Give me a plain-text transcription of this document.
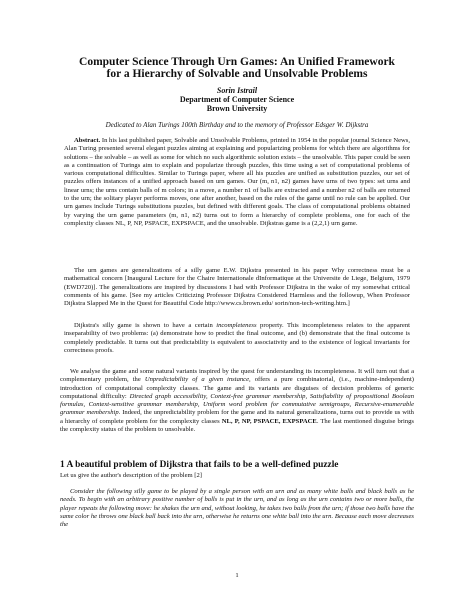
Computer Science Through Urn Games: An Unified Framework
for a Hierarchy of Solvable and Unsolvable Problems
Sorin Istrail
Department of Computer Science
Brown University
Dedicated to Alan Turings 100th Birthday and to the memory of Professor Edsger W. Dijkstra

Abstract. In his last published paper, Solvable and Unsolvable Problems, printed in 1954 in the popular journal Science News, Alan Turing presented several elegant puzzles aiming at explaining and popularizing problems for which there are algorithms for solutions – the solvable – as well as some for which no such algorithmic solution exists – the unsolvable. This paper could be seen as a continuation of Turings aim to explain and popularize through puzzles, this time using a set of computational problems of various computational difficulties. Similar to Turings paper, where all his puzzles are unified as substitution puzzles, our set of puzzles offers instances of a unified approach based on urn games. Our (m, n1, n2) games have urns of two types: set urns and linear urns; the urns contain balls of m colors; in a move, a number n1 of balls are extracted and a number n2 of balls are returned to the urn; the solitary player performs moves, one after another, based on the rules of the game until no rule can be applied. Our urn games include Turings substitutions puzzles, but defined with different goals. The class of computational problems obtained by varying the urn game parameters (m, n1, n2) turns out to form a hierarchy of complete problems, one for each of the complexity classes NL, P, NP, PSPACE, EXPSPACE, and the unsolvable. Dijkstras game is a (2,2,1) urn game.

The urn games are generalizations of a silly game E.W. Dijkstra presented in his paper Why correctness must be a mathematical concern [Inaugural Lecture for the Chaire Internationale dInformatique at the Universite de Liege, Belgium, 1979 (EWD720)]. The generalizations are inspired by discussions I had with Professor Dijkstra in the wake of my somewhat critical comments of his game. [See my articles Criticizing Professor Dijkstra Considered Harmless and the followup, When Professor Dijkstra Slapped Me in the Quest for Beautiful Code http://www.cs.brown.edu/ sorin/non-tech-writing.htm.]

Dijkstra's silly game is shown to have a certain incompleteness property. This incompleteness relates to the apparent inseparability of two problems: (a) demonstrate how to predict the final outcome, and (b) demonstrate that the final outcome is completely predictable. It turns out that predictability is equivalent to associativity and to the existence of logical invariants for correctness proofs.

We analyse the game and some natural variants inspired by the quest for understanding its incompleteness. It will turn out that a complementary problem, the Unpredictability of a given instance, offers a pure combinatorial, (i.e., machine-independent) introduction of computational complexity classes. The game and its variants are disguises of decision problems of generic computational difficulty: Directed graph accessibility, Context-free grammar membership, Satisfiability of propositional Boolean formulas, Context-sensitive grammar membership, Uniform word problem for commutative semigroups, Recursive-enumerable grammar membership. Indeed, the unpredictability problem for the game and its natural generalizations, turns out to provide us with a hierarchy of complete problem for the complexity classes NL, P, NP, PSPACE, EXPSPACE. The last mentioned disguise brings the complexity status of the problem to unsolvable.

1 A beautiful problem of Dijkstra that fails to be a well-defined puzzle

Let us give the author's description of the problem [2]

Consider the following silly game to be played by a single person with an urn and as many white balls and black balls as he needs. To begin with an arbitrary positive number of balls is put in the urn, and as long as the urn contains two or more balls, the player repeats the following move: he shakes the urn and, without looking, he takes two balls from the urn; if those two balls have the same color he throws one black ball back into the urn, otherwise he returns one white ball into the urn. Because each move decreases the

1
